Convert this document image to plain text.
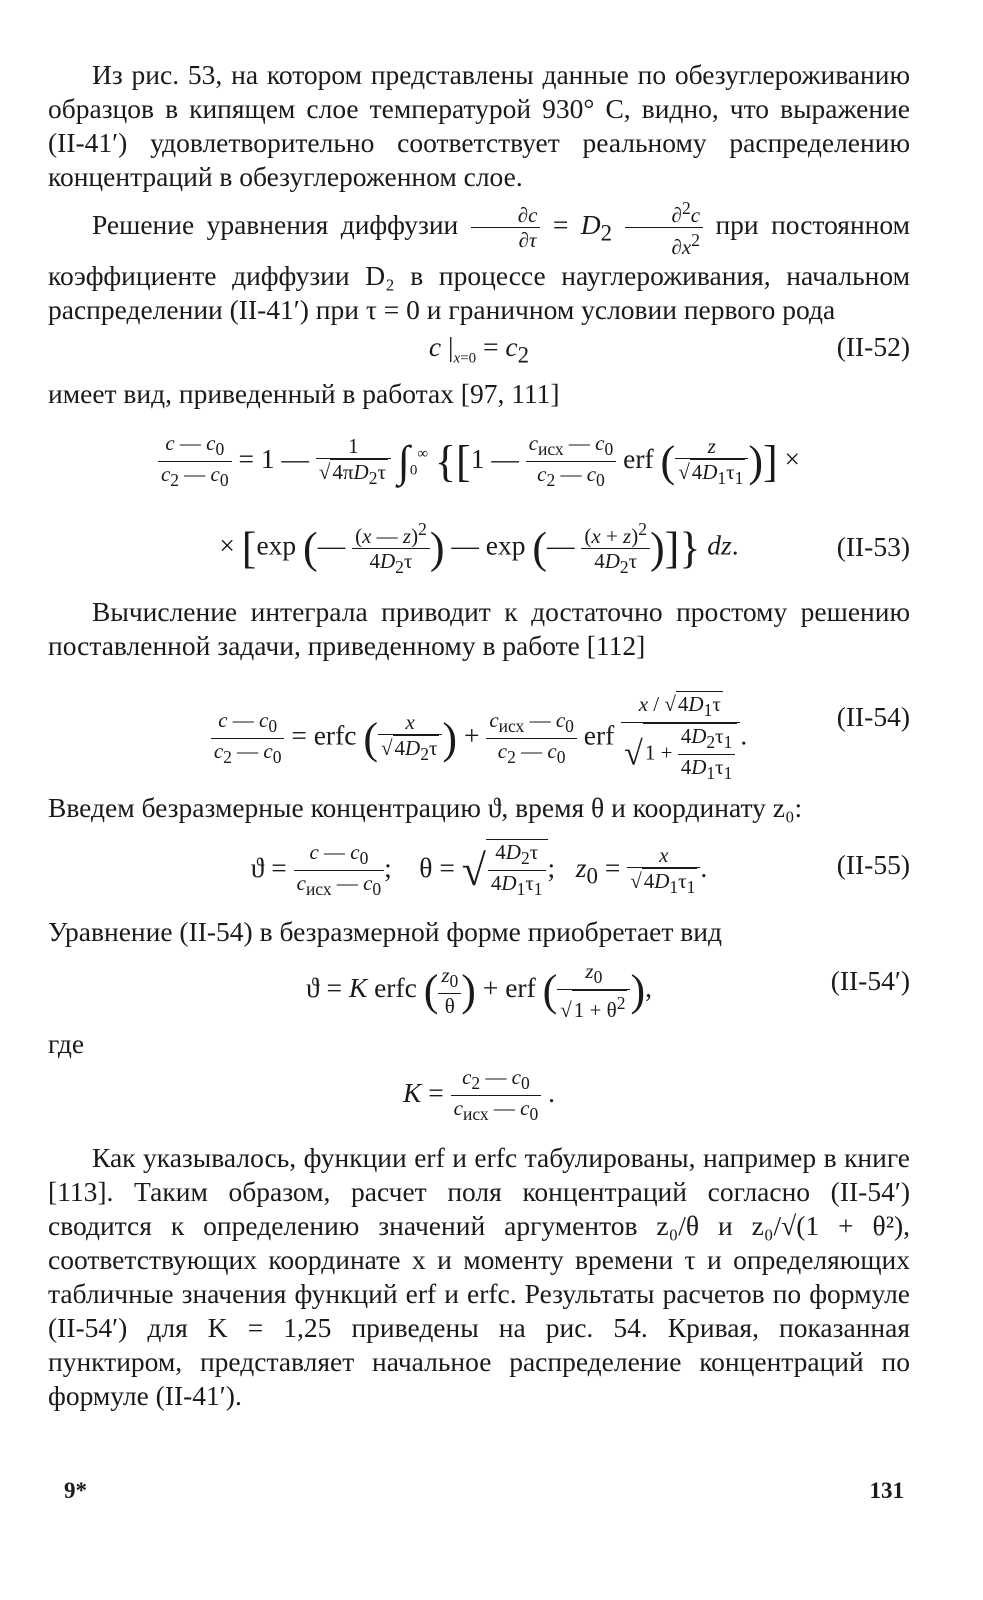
Из рис. 53, на котором представлены данные по обезуглероживанию образцов в кипящем слое температурой 930° С, видно, что выражение (II-41′) удовлетворительно соответствует реальному распределению концентраций в обезуглероженном слое.

Решение уравнения диффузии $\frac{\partial c}{\partial\tau} = D_2 \frac{\partial^2c}{\partial x^2}$ при постоянном коэффициенте диффузии D₂ в процессе науглероживания, начальном распределении (II-41′) при τ = 0 и граничном условии первого рода

c $|_{x=0} = c_2$	(II-52)

имеет вид, приведенный в работах [97, 111]

$\frac{c — c_0}{c_2 — c_0} = 1$ — $\frac{1}{√4\pi D_2\tau} \int_0^\infty$ {[1 — $\frac{c_{исх} — c_0}{c_2 — c_0}$ erf ( $\frac{z}{√4D_1\tau_1}$ )] ×
× [exp (— $\frac{(x — z)^2}{4D_2\tau}$ ) — exp (— $\frac{(x + z)^2}{4D_2\tau}$ )]} dz.	(II-53)

Вычисление интеграла приводит к достаточно простому решению поставленной задачи, приведенному в работе [112]

$\frac{c — c_0}{c_2 — c_0}$ = erfc ( $\frac{x}{√4D_2\tau}$ ) + $\frac{c_{исх} — c_0}{c_2 — c_0}$ erf $\frac{x / √4D_1\tau}{√1 + \frac{4D_2\tau_1}{4D_1\tau_1}}$ .
(II-54)

Введем безразмерные концентрацию ϑ, время θ и координату z₀:

$ϑ = \frac{c — c_0}{c_{исх} — c_0}$ ;    θ = √ $\frac{4D_2\tau}{4D_1\tau_1}$ ;   $z_0 = \frac{x}{√4D_1\tau_1}$ .	(II-55)

Уравнение (II-54) в безразмерной форме приобретает вид

ϑ = K erfc ( $\frac{z_0}{\theta}$ ) + erf ( $\frac{z_0}{√1 + \theta^2}$ ),	(II-54′)

где

$K = \frac{c_2 — c_0}{c_{исх} — c_0}$ .

Как указывалось, функции erf и erfc табулированы, например в книге [113]. Таким образом, расчет поля концентраций согласно (II-54′) сводится к определению значений аргументов z₀/θ и z₀/√(1 + θ²), соответствующих координате x и моменту времени τ и определяющих табличные значения функций erf и erfc. Результаты расчетов по формуле (II-54′) для K = 1,25 приведены на рис. 54. Кривая, показанная пунктиром, представляет начальное распределение концентраций по формуле (II-41′).

9*	131
